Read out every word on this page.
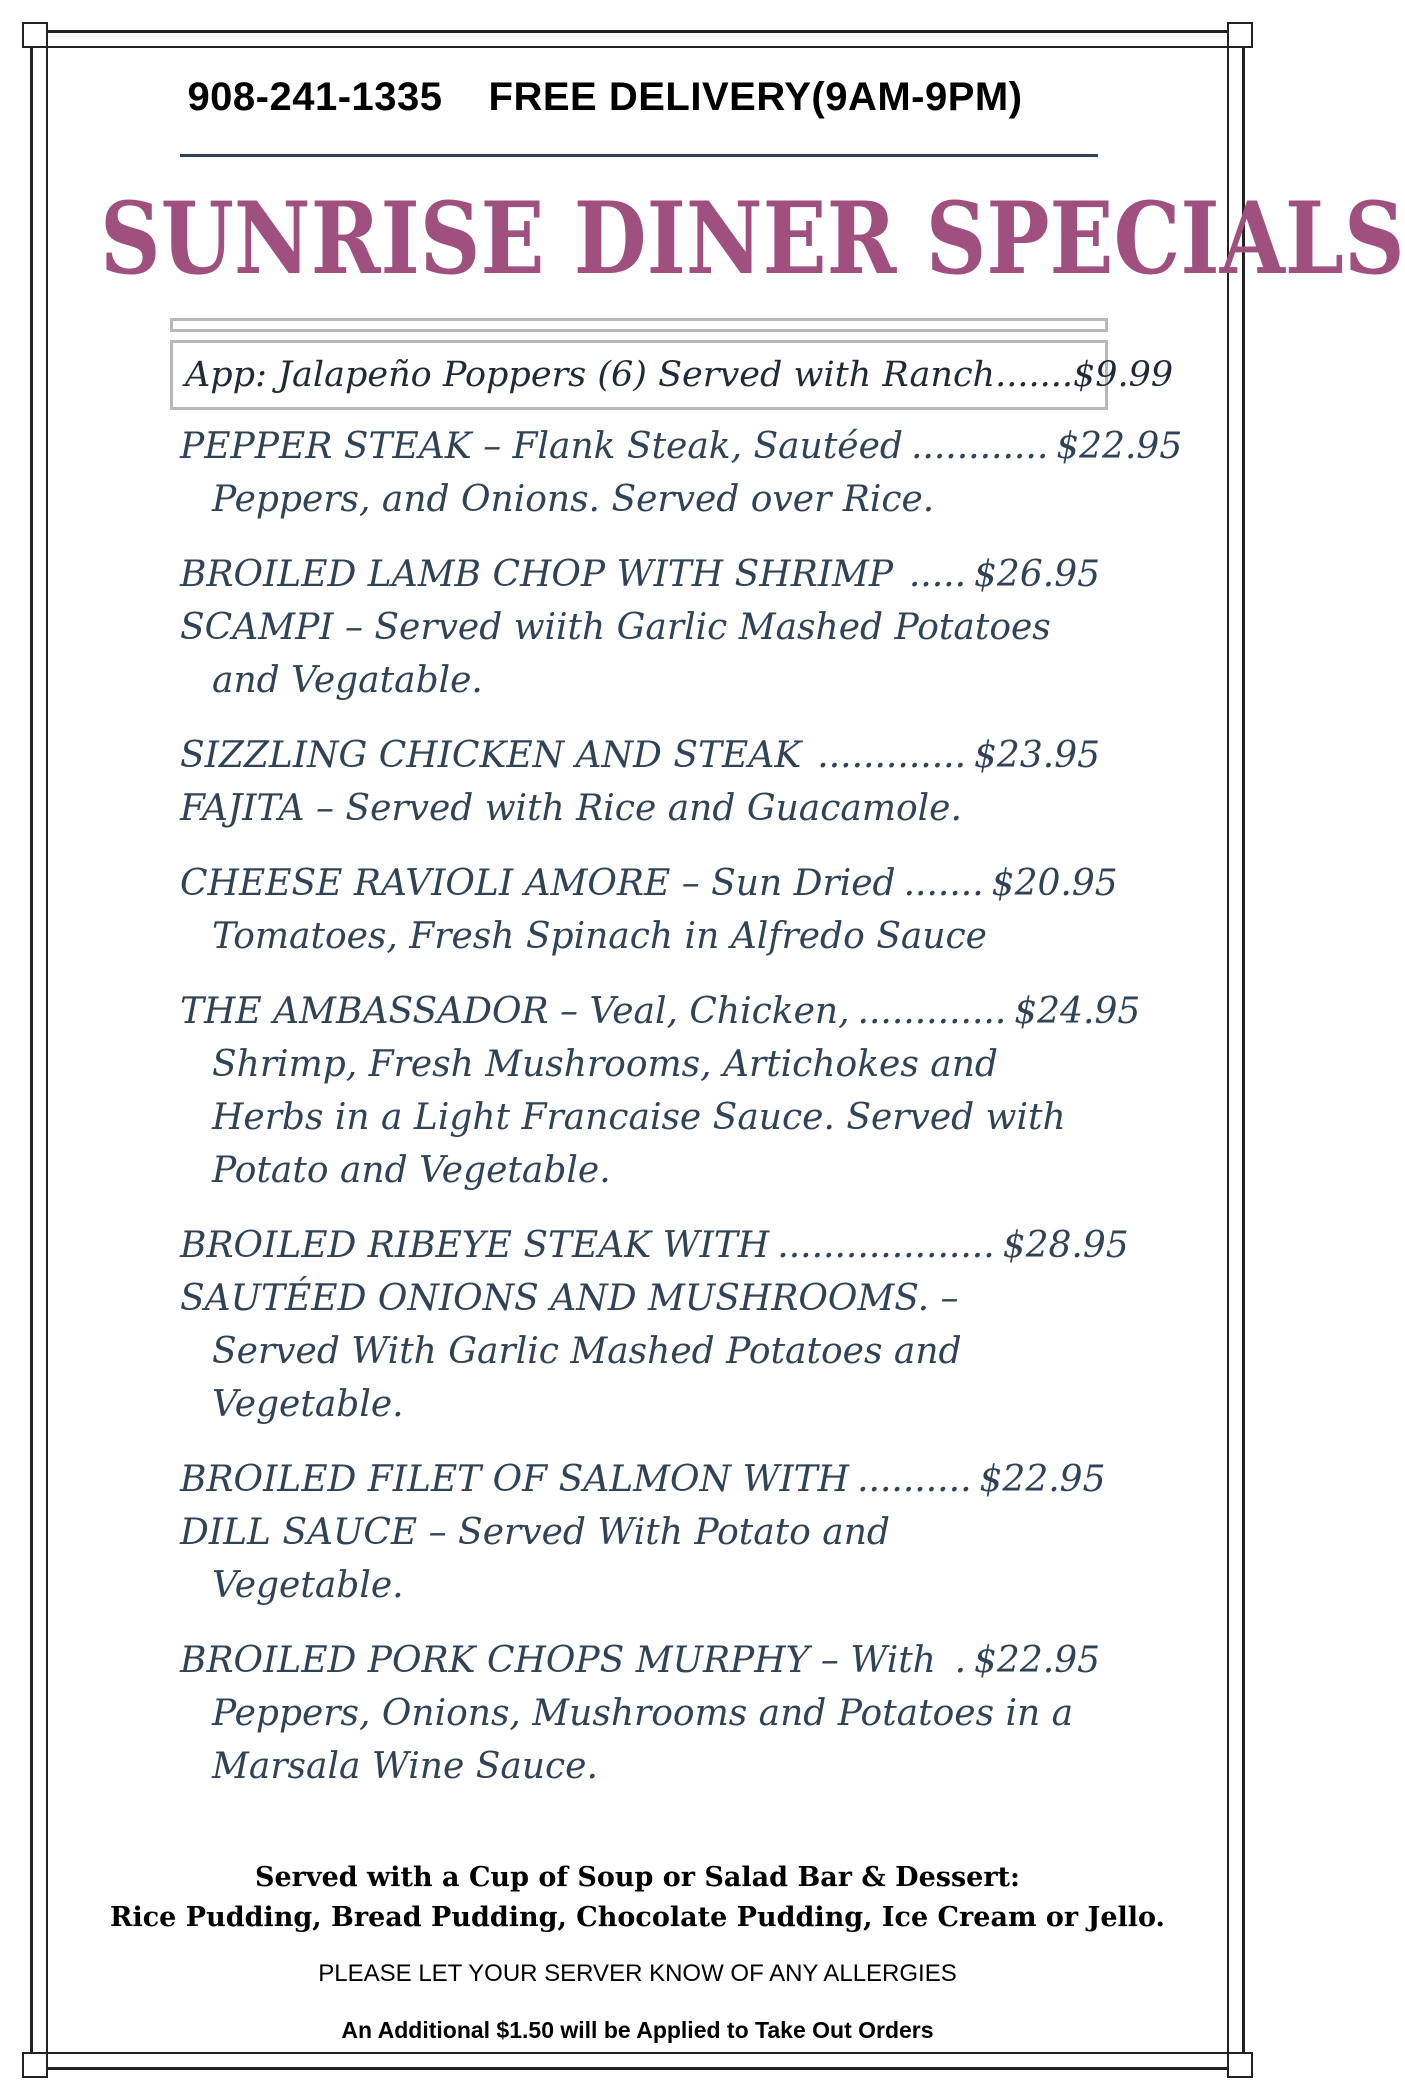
908-241-1335 FREE DELIVERY(9AM-9PM)
SUNRISE DINER SPECIALS
App: Jalapeño Poppers (6) Served with Ranch.......$9.99
PEPPER STEAK – Flank Steak, Sautéed ............ $22.95
Peppers, and Onions. Served over Rice.
BROILED LAMB CHOP WITH SHRIMP ..... $26.95
SCAMPI – Served wiith Garlic Mashed Potatoes
and Vegatable.
SIZZLING CHICKEN AND STEAK ............. $23.95
FAJITA – Served with Rice and Guacamole.
CHEESE RAVIOLI AMORE – Sun Dried ....... $20.95
Tomatoes, Fresh Spinach in Alfredo Sauce
THE AMBASSADOR – Veal, Chicken, ............. $24.95
Shrimp, Fresh Mushrooms, Artichokes and
Herbs in a Light Francaise Sauce. Served with
Potato and Vegetable.
BROILED RIBEYE STEAK WITH ................... $28.95
SAUTÉED ONIONS AND MUSHROOMS. –
Served With Garlic Mashed Potatoes and
Vegetable.
BROILED FILET OF SALMON WITH .......... $22.95
DILL SAUCE – Served With Potato and
Vegetable.
BROILED PORK CHOPS MURPHY – With . $22.95
Peppers, Onions, Mushrooms and Potatoes in a
Marsala Wine Sauce.
Served with a Cup of Soup or Salad Bar & Dessert:
Rice Pudding, Bread Pudding, Chocolate Pudding, Ice Cream or Jello.
PLEASE LET YOUR SERVER KNOW OF ANY ALLERGIES
An Additional $1.50 will be Applied to Take Out Orders
